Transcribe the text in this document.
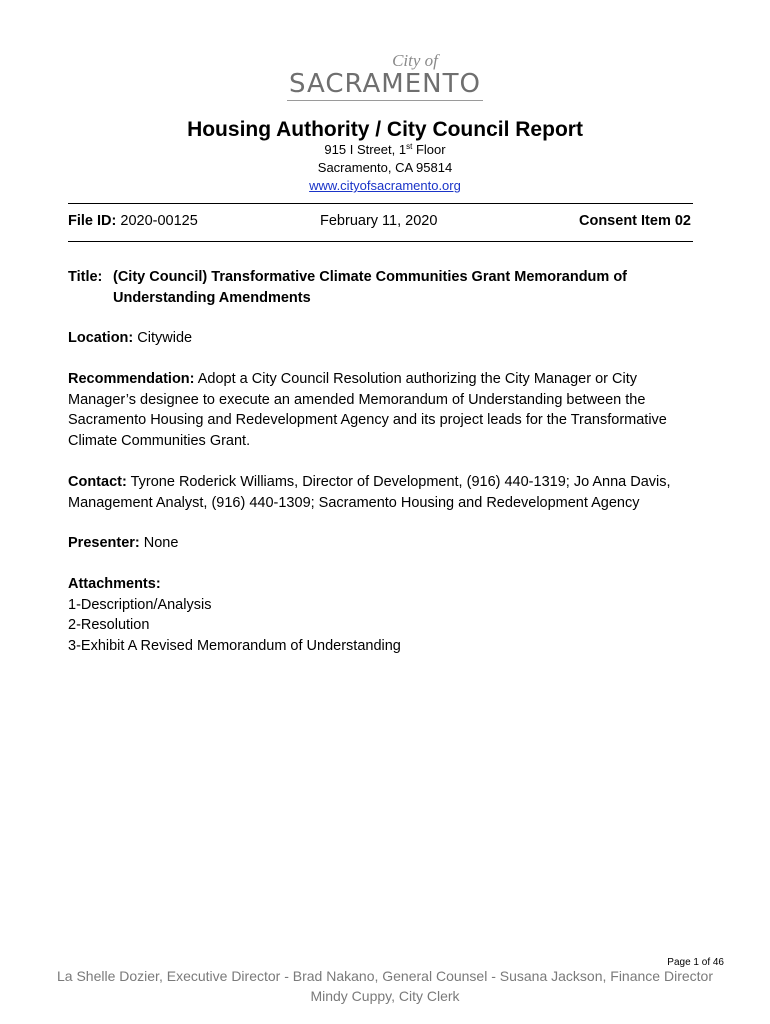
City of
SACRAMENTO
Housing Authority / City Council Report
915 I Street, 1st Floor
Sacramento, CA 95814
www.cityofsacramento.org
File ID: 2020-00125	February 11, 2020	Consent Item 02
Title: (City Council) Transformative Climate Communities Grant Memorandum of
Understanding Amendments
Location: Citywide
Recommendation: Adopt a City Council Resolution authorizing the City Manager or City
Manager’s designee to execute an amended Memorandum of Understanding between the
Sacramento Housing and Redevelopment Agency and its project leads for the Transformative
Climate Communities Grant.
Contact: Tyrone Roderick Williams, Director of Development, (916) 440-1319; Jo Anna Davis,
Management Analyst, (916) 440-1309; Sacramento Housing and Redevelopment Agency
Presenter: None
Attachments:
1-Description/Analysis
2-Resolution
3-Exhibit A Revised Memorandum of Understanding
Page 1 of 46
La Shelle Dozier, Executive Director - Brad Nakano, General Counsel - Susana Jackson, Finance Director
Mindy Cuppy, City Clerk
